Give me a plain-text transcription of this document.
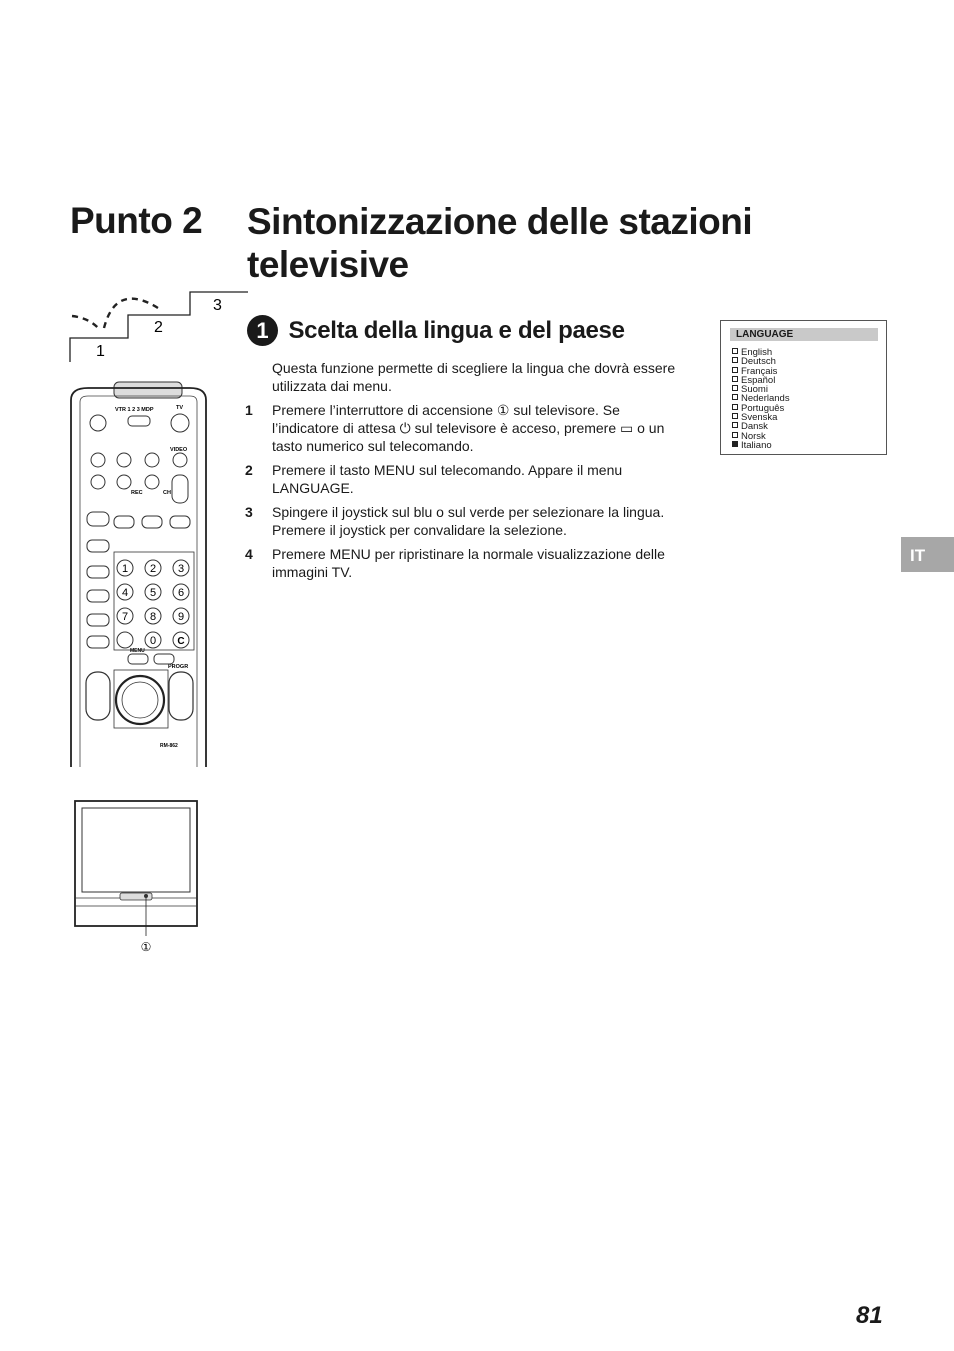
Punto 2 Sintonizzazione delle stazioni televisive
1 Scelta della lingua e del paese
Questa funzione permette di scegliere la lingua che dovrà essere utilizzata dai menu.
1 Premere l’interruttore di accensione ① sul televisore. Se l’indicatore di attesa ⏻ sul televisore è acceso, premere ▭ o un tasto numerico sul telecomando.
2 Premere il tasto MENU sul telecomando. Appare il menu LANGUAGE.
3 Spingere il joystick sul blu o sul verde per selezionare la lingua. Premere il joystick per convalidare la selezione.
4 Premere MENU per ripristinare la normale visualizzazione delle immagini TV.
LANGUAGE
English
Deutsch
Français
Español
Suomi
Nederlands
Português
Svenska
Dansk
Norsk
Italiano
1
2
3
VTR 1 2 3 MDP	TV
VIDEO
REC	CH
1 2 3
4 5 6
7 8 9
0 C
MENU
PROGR
RM-862
①
IT
81
